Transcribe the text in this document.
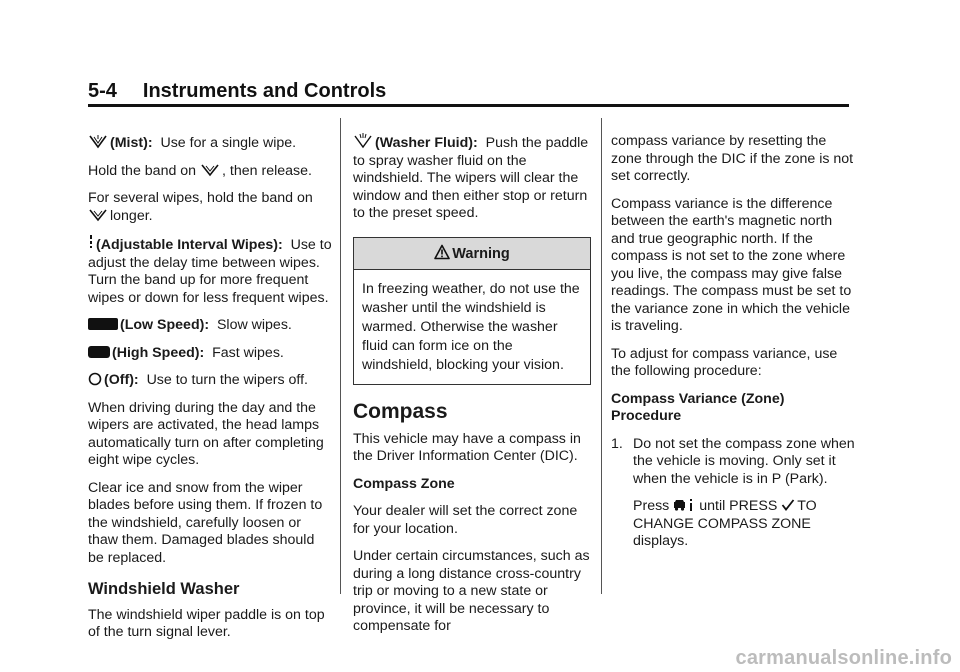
5-4 Instruments and Controls

(Mist): Use for a single wipe.

Hold the band on , then release.

For several wipes, hold the band on
longer.

(Adjustable Interval Wipes): Use to adjust the delay time between wipes. Turn the band up for more frequent wipes or down for less frequent wipes.

(Low Speed): Slow wipes.

(High Speed): Fast wipes.

(Off): Use to turn the wipers off.

When driving during the day and the wipers are activated, the head lamps automatically turn on after completing eight wipe cycles.

Clear ice and snow from the wiper blades before using them. If frozen to the windshield, carefully loosen or thaw them. Damaged blades should be replaced.

Windshield Washer

The windshield wiper paddle is on top of the turn signal lever.

(Washer Fluid): Push the paddle to spray washer fluid on the windshield. The wipers will clear the window and then either stop or return to the preset speed.

Warning
In freezing weather, do not use the washer until the windshield is warmed. Otherwise the washer fluid can form ice on the windshield, blocking your vision.
Compass

This vehicle may have a compass in the Driver Information Center (DIC).

Compass Zone

Your dealer will set the correct zone for your location.

Under certain circumstances, such as during a long distance cross-country trip or moving to a new state or province, it will be necessary to compensate for

compass variance by resetting the zone through the DIC if the zone is not set correctly.

Compass variance is the difference between the earth's magnetic north and true geographic north. If the compass is not set to the zone where you live, the compass may give false readings. The compass must be set to the variance zone in which the vehicle is traveling.

To adjust for compass variance, use the following procedure:

Compass Variance (Zone) Procedure

1. Do not set the compass zone when the vehicle is moving. Only set it when the vehicle is in P (Park).

Press until PRESS TO CHANGE COMPASS ZONE displays.

carmanualsonline.info
